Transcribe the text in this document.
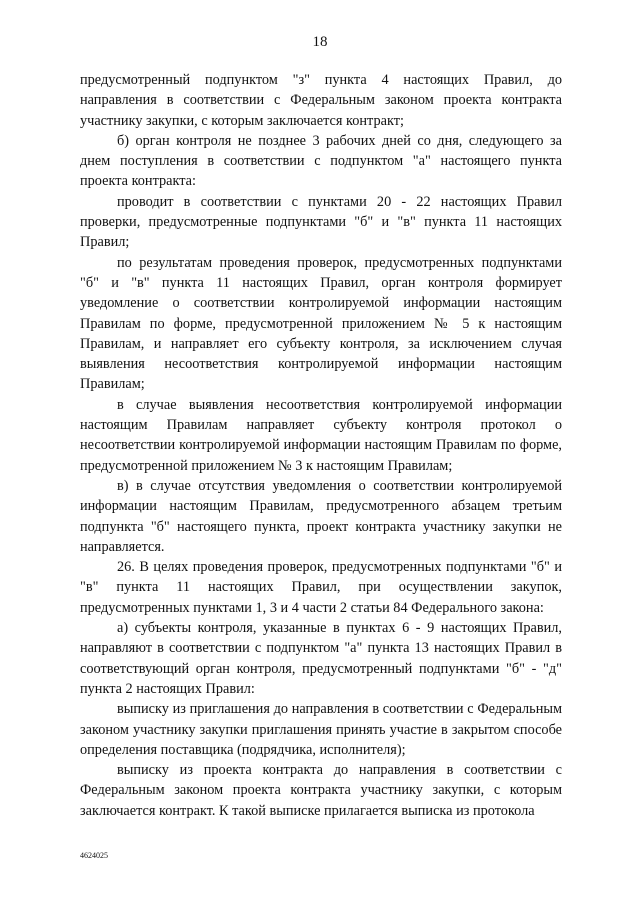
18

предусмотренный подпунктом "з" пункта 4 настоящих Правил, до направления в соответствии с Федеральным законом проекта контракта участнику закупки, с которым заключается контракт;

б) орган контроля не позднее 3 рабочих дней со дня, следующего за днем поступления в соответствии с подпунктом "а" настоящего пункта проекта контракта:

проводит в соответствии с пунктами 20 - 22 настоящих Правил проверки, предусмотренные подпунктами "б" и "в" пункта 11 настоящих Правил;

по результатам проведения проверок, предусмотренных подпунктами "б" и "в" пункта 11 настоящих Правил, орган контроля формирует уведомление о соответствии контролируемой информации настоящим Правилам по форме, предусмотренной приложением № 5 к настоящим Правилам, и направляет его субъекту контроля, за исключением случая выявления несоответствия контролируемой информации настоящим Правилам;

в случае выявления несоответствия контролируемой информации настоящим Правилам направляет субъекту контроля протокол о несоответствии контролируемой информации настоящим Правилам по форме, предусмотренной приложением № 3 к настоящим Правилам;

в) в случае отсутствия уведомления о соответствии контролируемой информации настоящим Правилам, предусмотренного абзацем третьим подпункта "б" настоящего пункта, проект контракта участнику закупки не направляется.

26. В целях проведения проверок, предусмотренных подпунктами "б" и "в" пункта 11 настоящих Правил, при осуществлении закупок, предусмотренных пунктами 1, 3 и 4 части 2 статьи 84 Федерального закона:

а) субъекты контроля, указанные в пунктах 6 - 9 настоящих Правил, направляют в соответствии с подпунктом "а" пункта 13 настоящих Правил в соответствующий орган контроля, предусмотренный подпунктами "б" - "д" пункта 2 настоящих Правил:

выписку из приглашения до направления в соответствии с Федеральным законом участнику закупки приглашения принять участие в закрытом способе определения поставщика (подрядчика, исполнителя);

выписку из проекта контракта до направления в соответствии с Федеральным законом проекта контракта участнику закупки, с которым заключается контракт. К такой выписке прилагается выписка из протокола

4624025
